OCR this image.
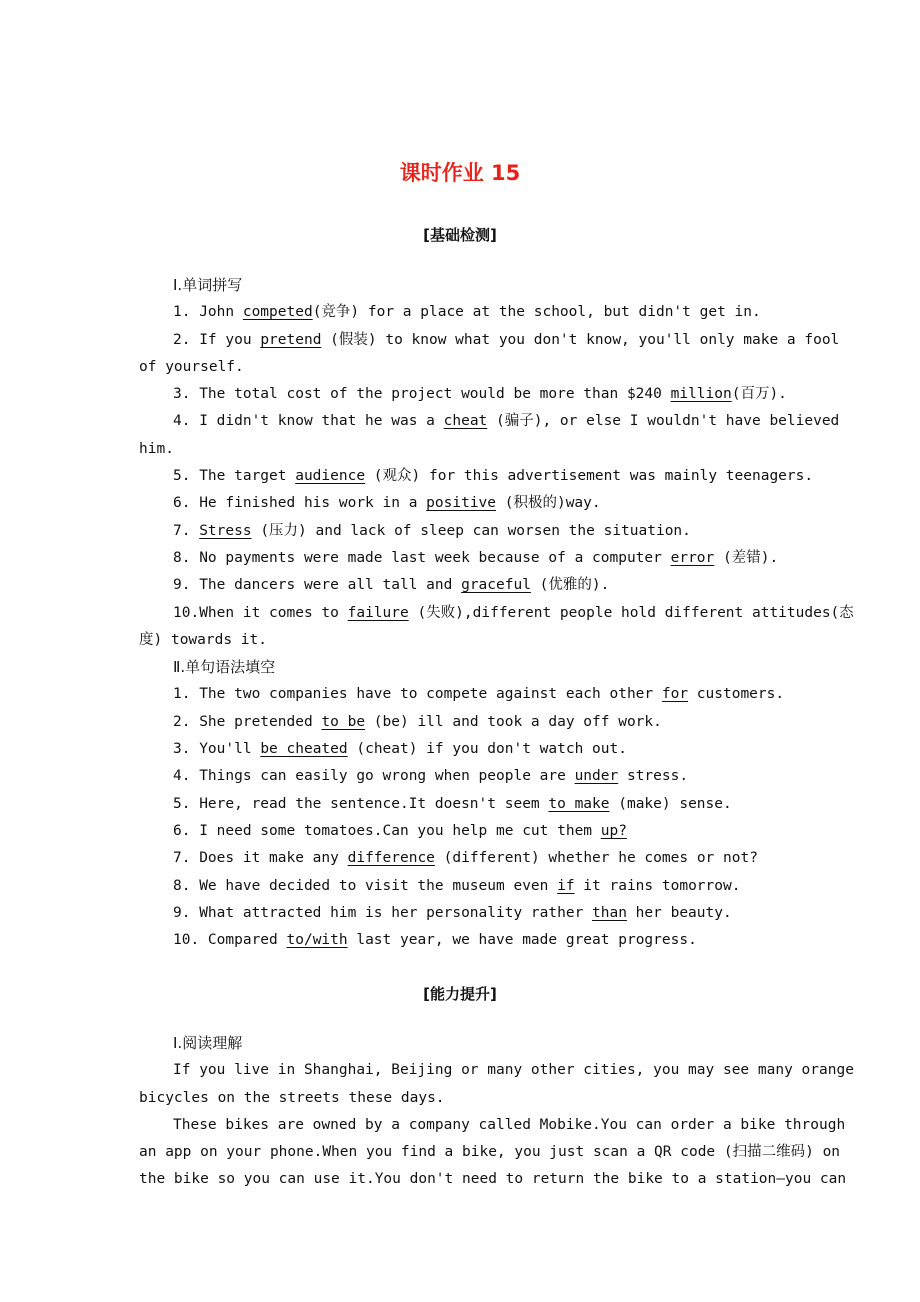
课时作业 15
[基础检测]
Ⅰ.单词拼写
1. John competed(竞争) for a place at the school, but didn't get in.
2. If you pretend (假装) to know what you don't know, you'll only make a fool
of yourself.
3. The total cost of the project would be more than $240 million(百万).
4. I didn't know that he was a cheat (骗子), or else I wouldn't have believed
him.
5. The target audience (观众) for this advertisement was mainly teenagers.
6. He finished his work in a positive (积极的)way.
7. Stress (压力) and lack of sleep can worsen the situation.
8. No payments were made last week because of a computer error (差错).
9. The dancers were all tall and graceful (优雅的).
10.When it comes to failure (失败),different people hold different attitudes(态
度) towards it.
Ⅱ.单句语法填空
1. The two companies have to compete against each other for customers.
2. She pretended to be (be) ill and took a day off work.
3. You'll be cheated (cheat) if you don't watch out.
4. Things can easily go wrong when people are under stress.
5. Here, read the sentence.It doesn't seem to make (make) sense.
6. I need some tomatoes.Can you help me cut them up?
7. Does it make any difference (different) whether he comes or not?
8. We have decided to visit the museum even if it rains tomorrow.
9. What attracted him is her personality rather than her beauty.
10. Compared to/with last year, we have made great progress.
[能力提升]
Ⅰ.阅读理解
If you live in Shanghai, Beijing or many other cities, you may see many orange
bicycles on the streets these days.
These bikes are owned by a company called Mobike.You can order a bike through
an app on your phone.When you find a bike, you just scan a QR code (扫描二维码) on
the bike so you can use it.You don't need to return the bike to a station—you can
